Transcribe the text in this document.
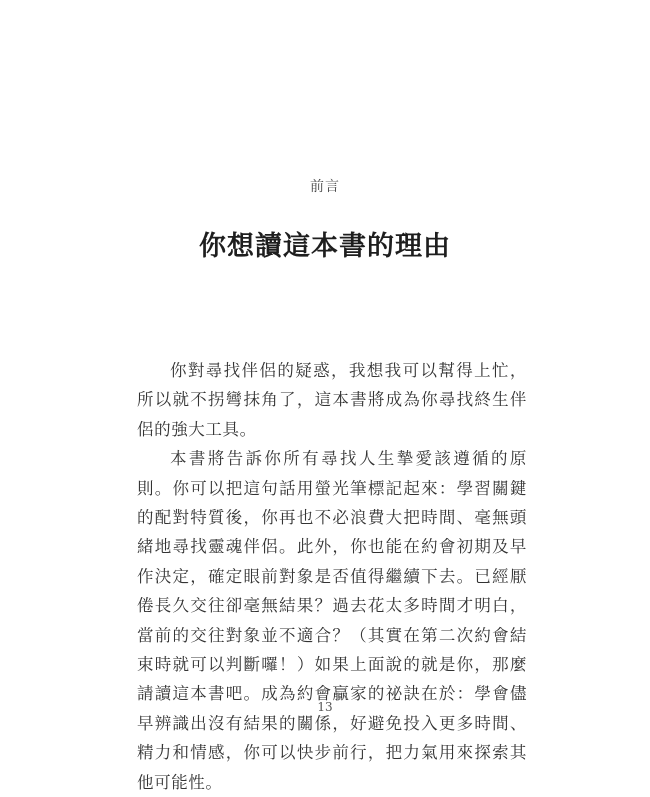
前言
你想讀這本書的理由

你對尋找伴侶的疑惑，我想我可以幫得上忙，所以就不拐彎抹角了，這本書將成為你尋找終生伴侶的強大工具。

本書將告訴你所有尋找人生摯愛該遵循的原則。你可以把這句話用螢光筆標記起來：學習關鍵的配對特質後，你再也不必浪費大把時間、毫無頭緒地尋找靈魂伴侶。此外，你也能在約會初期及早作決定，確定眼前對象是否值得繼續下去。已經厭倦長久交往卻毫無結果？過去花太多時間才明白，當前的交往對象並不適合？（其實在第二次約會結束時就可以判斷囉！）如果上面說的就是你，那麼請讀這本書吧。成為約會贏家的祕訣在於：學會儘早辨識出沒有結果的關係，好避免投入更多時間、精力和情感，你可以快步前行，把力氣用來探索其他可能性。

13
